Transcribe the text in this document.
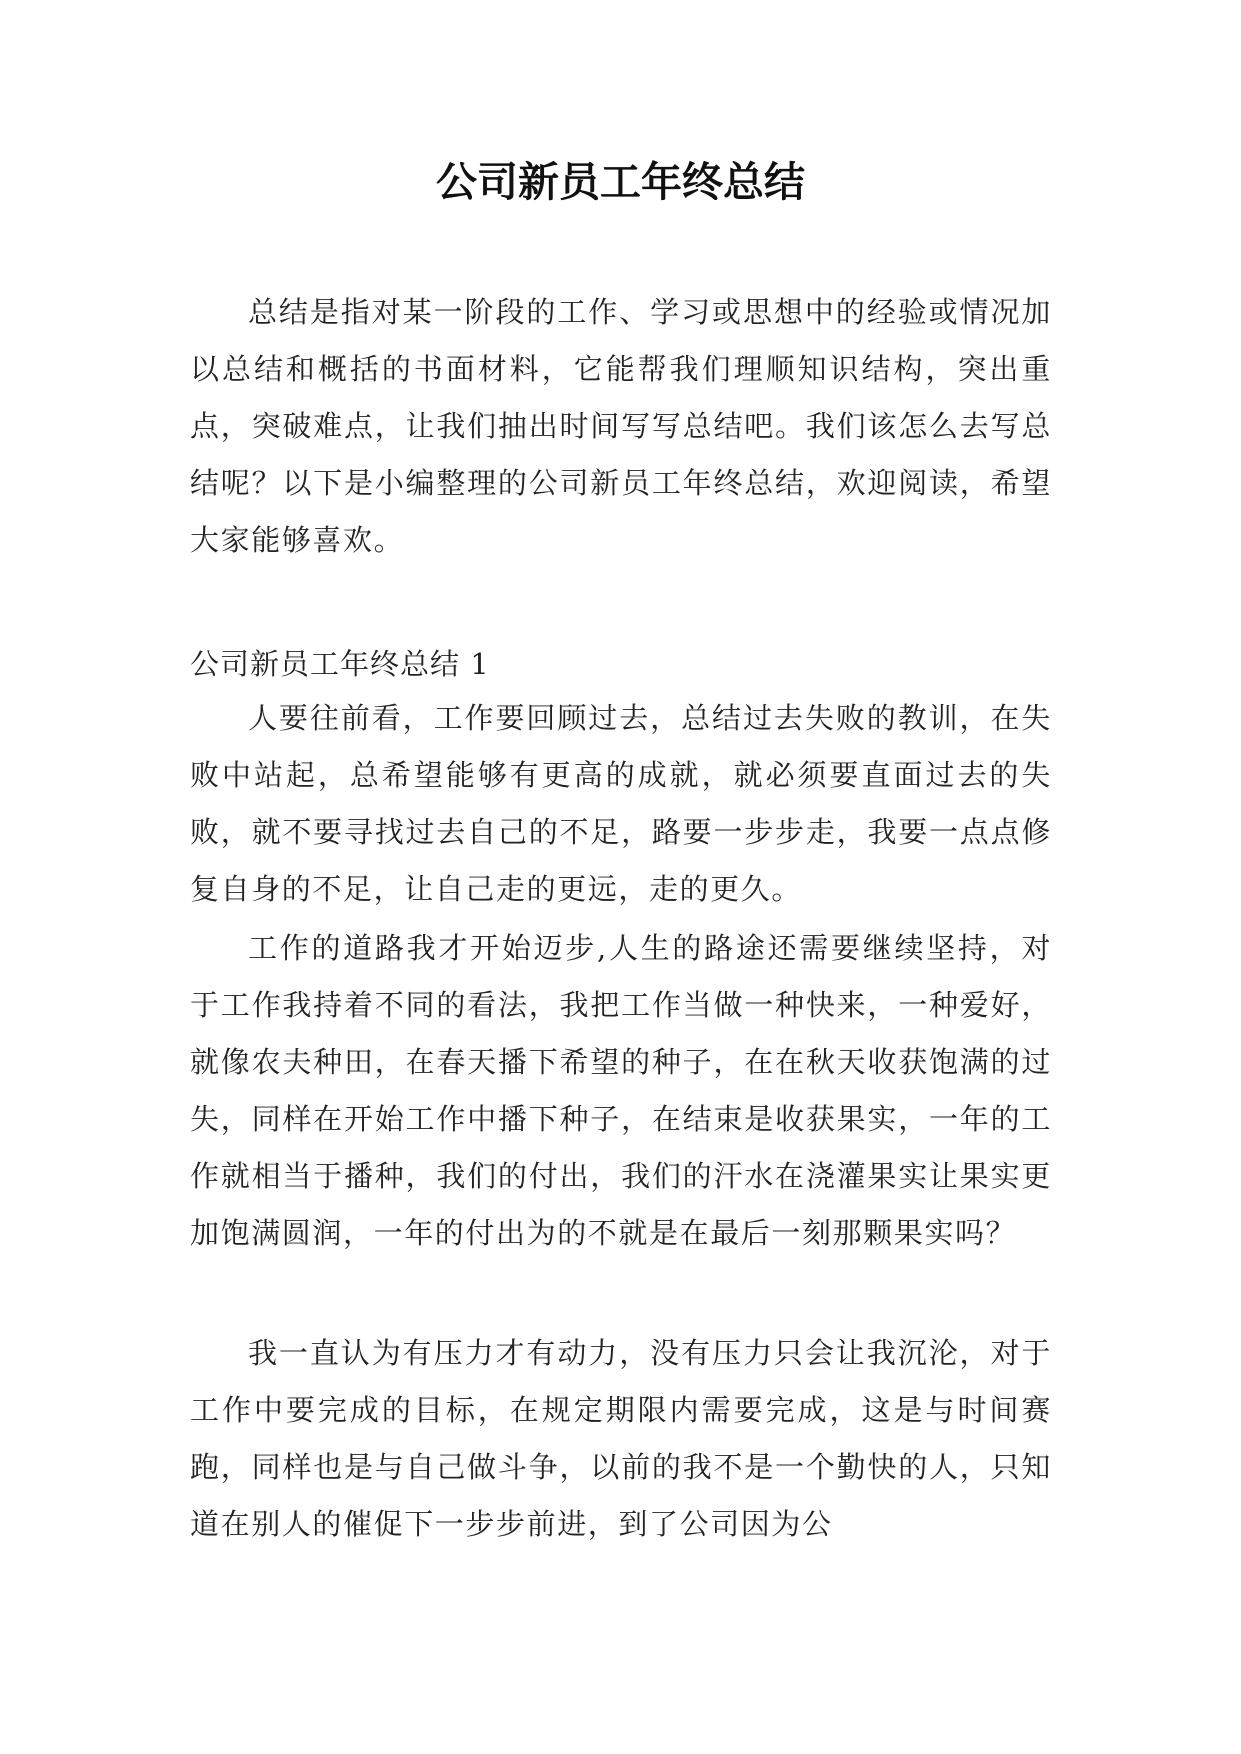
公司新员工年终总结

总结是指对某一阶段的工作、学习或思想中的经验或情况加以总结和概括的书面材料，它能帮我们理顺知识结构，突出重点，突破难点，让我们抽出时间写写总结吧。我们该怎么去写总结呢？以下是小编整理的公司新员工年终总结，欢迎阅读，希望大家能够喜欢。

公司新员工年终总结 1

人要往前看，工作要回顾过去，总结过去失败的教训，在失败中站起，总希望能够有更高的成就，就必须要直面过去的失败，就不要寻找过去自己的不足，路要一步步走，我要一点点修复自身的不足，让自己走的更远，走的更久。

工作的道路我才开始迈步,人生的路途还需要继续坚持，对于工作我持着不同的看法，我把工作当做一种快来，一种爱好，就像农夫种田，在春天播下希望的种子，在在秋天收获饱满的过失，同样在开始工作中播下种子，在结束是收获果实，一年的工作就相当于播种，我们的付出，我们的汗水在浇灌果实让果实更加饱满圆润，一年的付出为的不就是在最后一刻那颗果实吗？

我一直认为有压力才有动力，没有压力只会让我沉沦，对于工作中要完成的目标，在规定期限内需要完成，这是与时间赛跑，同样也是与自己做斗争，以前的我不是一个勤快的人，只知道在别人的催促下一步步前进，到了公司因为公
